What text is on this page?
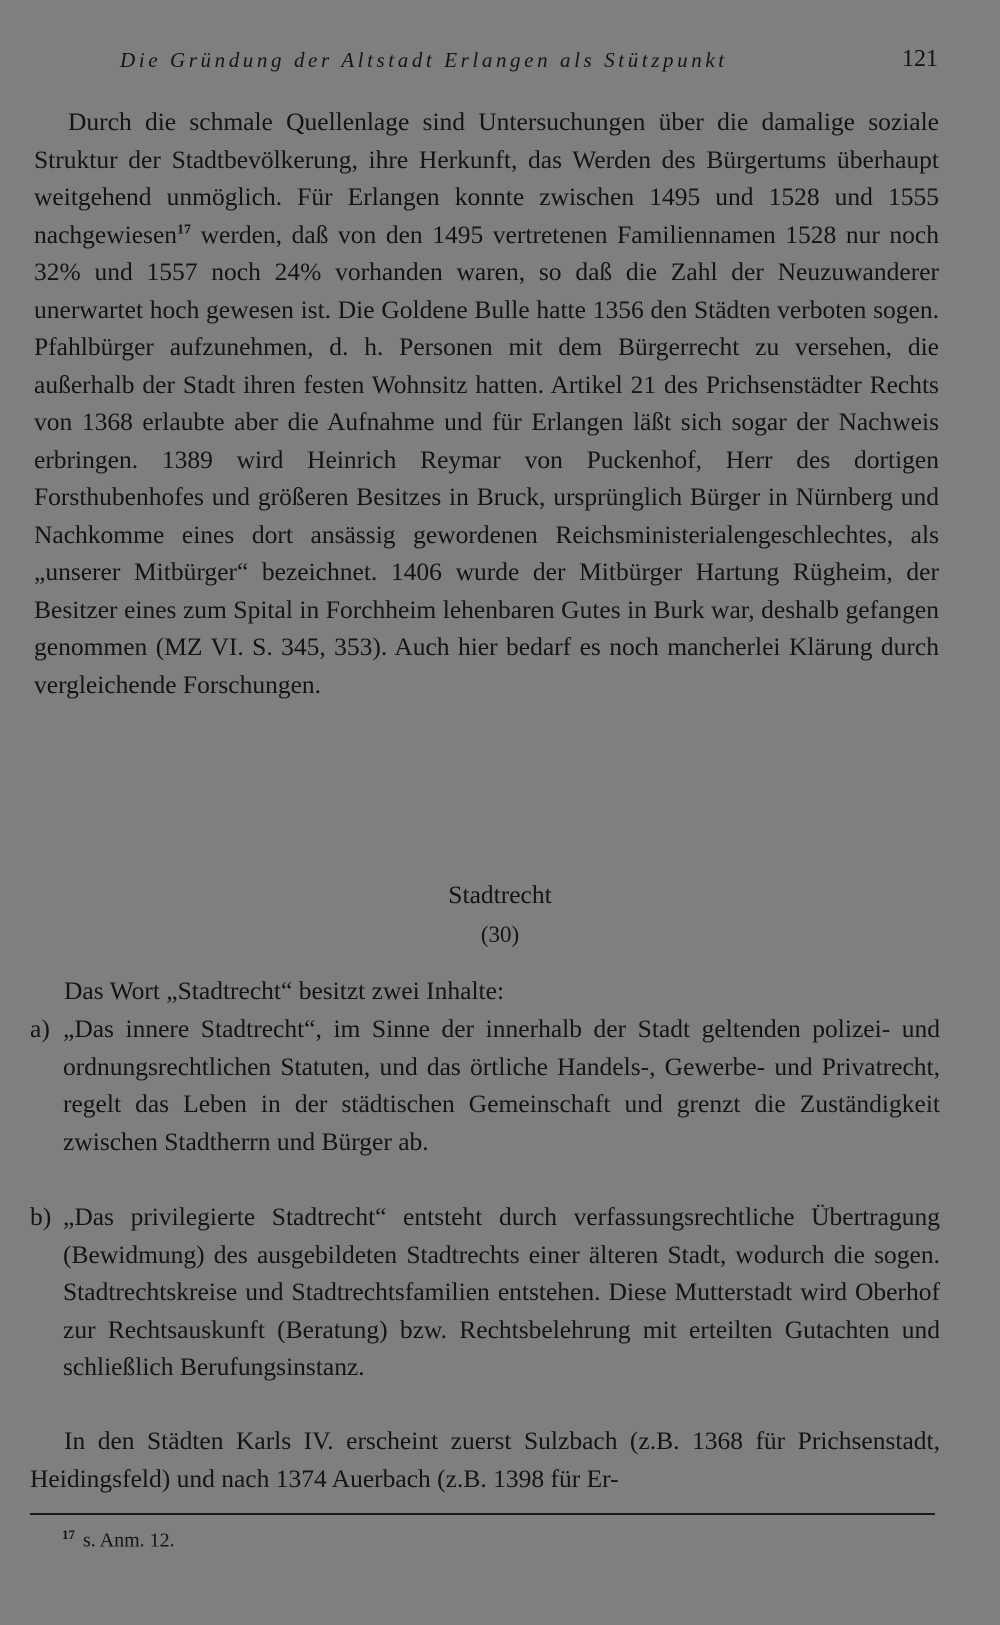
Die Gründung der Altstadt Erlangen als Stützpunkt	121

Durch die schmale Quellenlage sind Untersuchungen über die damalige soziale Struktur der Stadtbevölkerung, ihre Herkunft, das Werden des Bürgertums überhaupt weitgehend unmöglich. Für Erlangen konnte zwischen 1495 und 1528 und 1555 nachgewiesen$^{17}$ werden, daß von den 1495 vertretenen Familiennamen 1528 nur noch 32% und 1557 noch 24% vorhanden waren, so daß die Zahl der Neuzuwanderer unerwartet hoch gewesen ist. Die Goldene Bulle hatte 1356 den Städten verboten sogen. Pfahlbürger aufzunehmen, d. h. Personen mit dem Bürgerrecht zu versehen, die außerhalb der Stadt ihren festen Wohnsitz hatten. Artikel 21 des Prichsenstädter Rechts von 1368 erlaubte aber die Aufnahme und für Erlangen läßt sich sogar der Nachweis erbringen. 1389 wird Heinrich Reymar von Puckenhof, Herr des dortigen Forsthubenhofes und größeren Besitzes in Bruck, ursprünglich Bürger in Nürnberg und Nachkomme eines dort ansässig gewordenen Reichsministerialengeschlechtes, als „unserer Mitbürger“ bezeichnet. 1406 wurde der Mitbürger Hartung Rügheim, der Besitzer eines zum Spital in Forchheim lehenbaren Gutes in Burk war, deshalb gefangen genommen (MZ VI. S. 345, 353). Auch hier bedarf es noch mancherlei Klärung durch vergleichende Forschungen.

Stadtrecht
(30)

Das Wort „Stadtrecht“ besitzt zwei Inhalte:

a) „Das innere Stadtrecht“, im Sinne der innerhalb der Stadt geltenden polizei- und ordnungsrechtlichen Statuten, und das örtliche Handels-, Gewerbe- und Privatrecht, regelt das Leben in der städtischen Gemeinschaft und grenzt die Zuständigkeit zwischen Stadtherrn und Bürger ab.

b) „Das privilegierte Stadtrecht“ entsteht durch verfassungsrechtliche Übertragung (Bewidmung) des ausgebildeten Stadtrechts einer älteren Stadt, wodurch die sogen. Stadtrechtskreise und Stadtrechtsfamilien entstehen. Diese Mutterstadt wird Oberhof zur Rechtsauskunft (Beratung) bzw. Rechtsbelehrung mit erteilten Gutachten und schließlich Berufungsinstanz.

In den Städten Karls IV. erscheint zuerst Sulzbach (z.B. 1368 für Prichsenstadt, Heidingsfeld) und nach 1374 Auerbach (z.B. 1398 für Er-

$^{17}$ s. Anm. 12.
